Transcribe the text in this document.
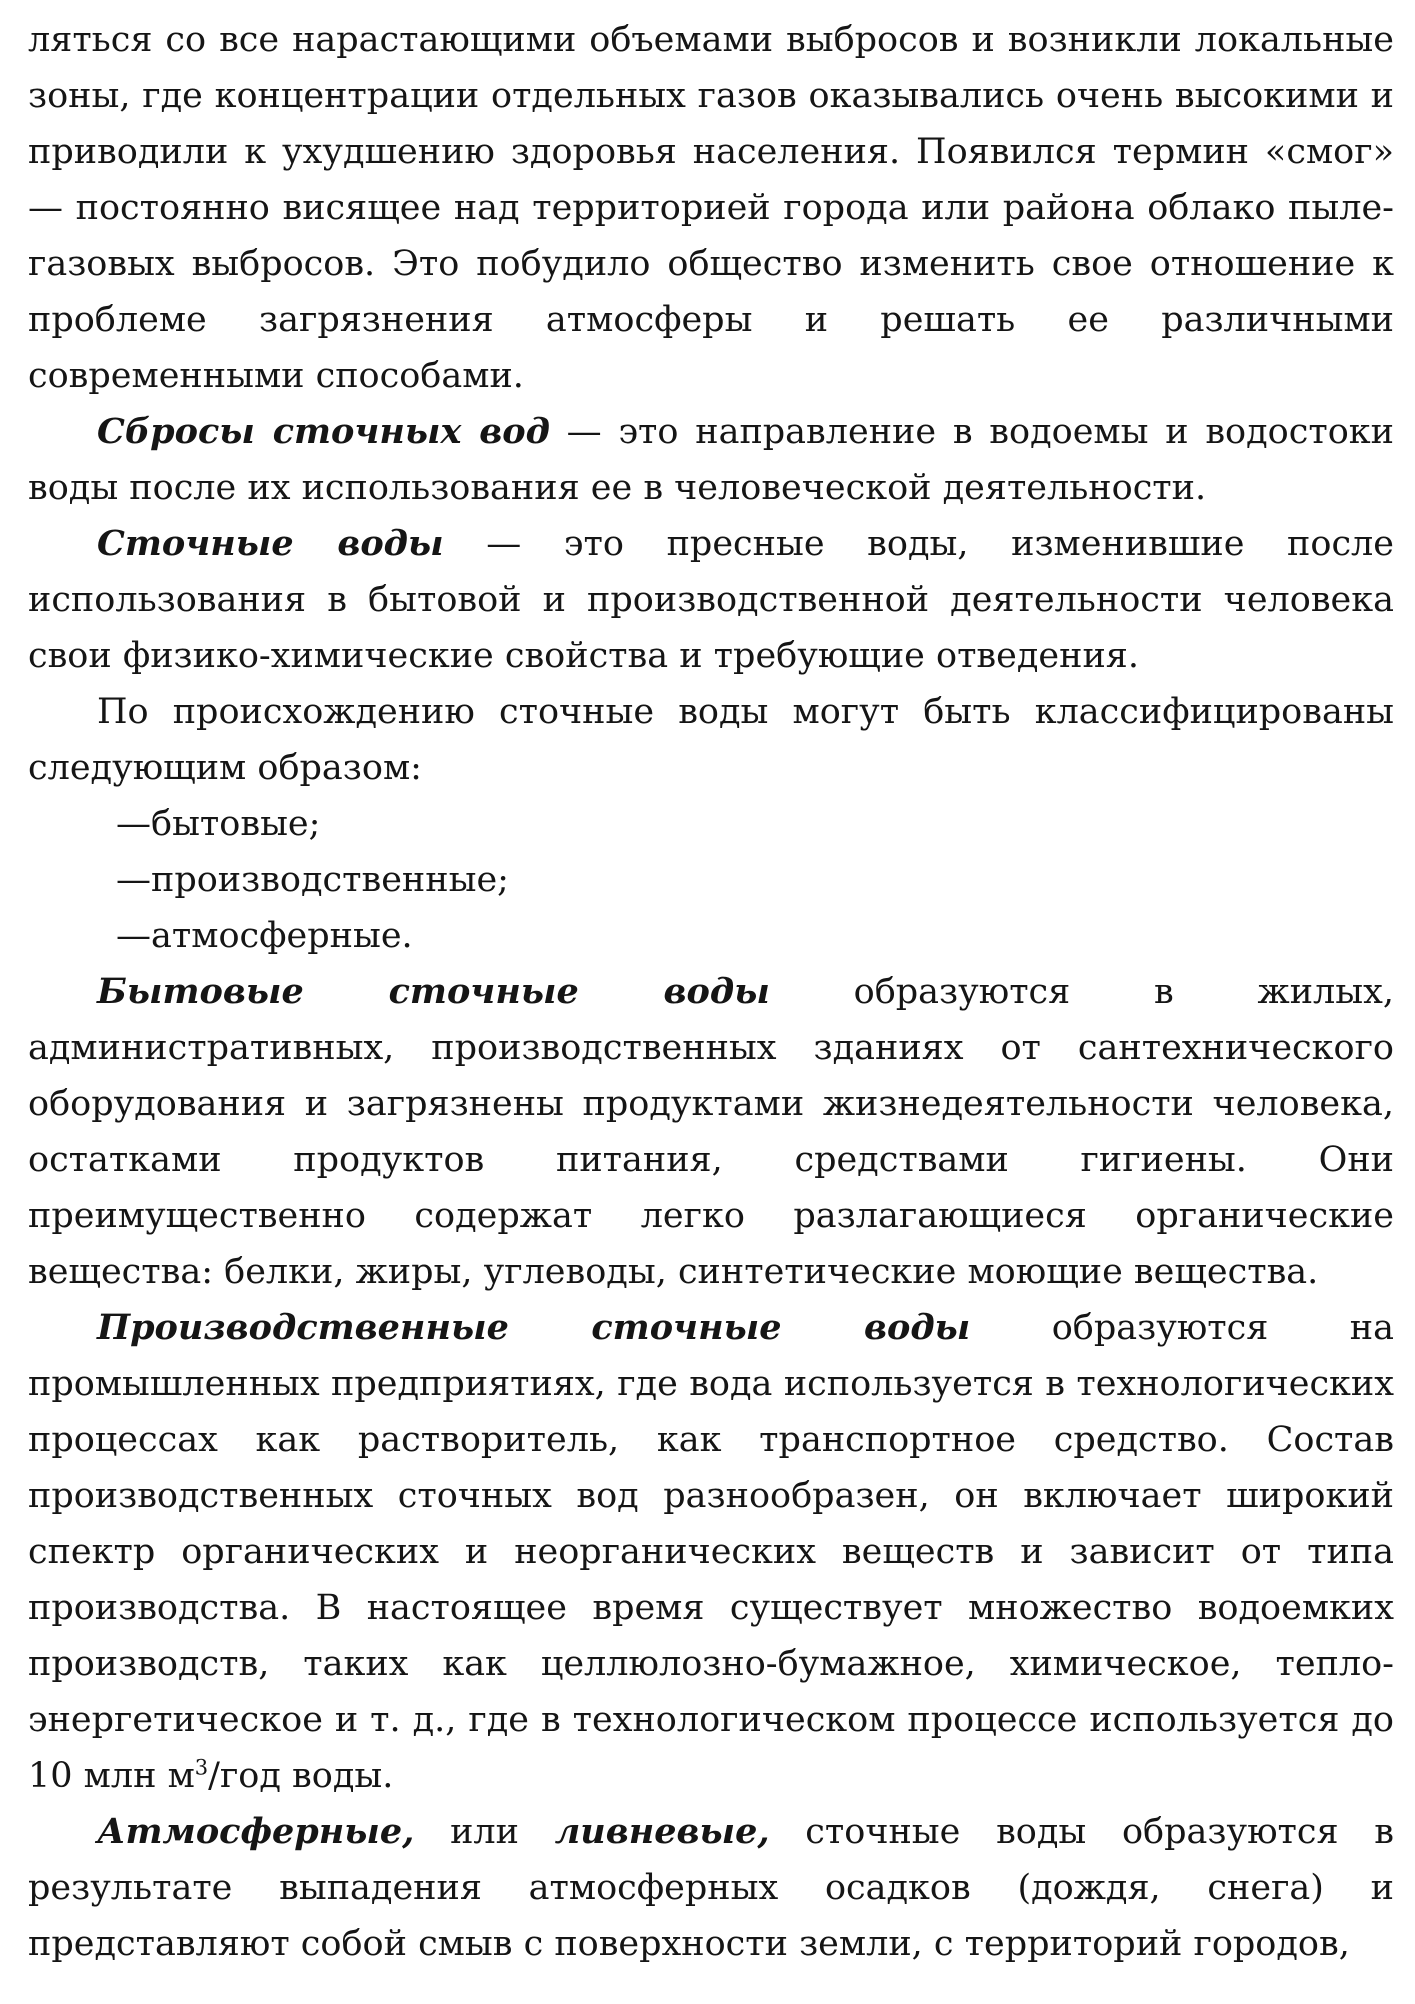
ляться со все нарастающими объемами выбросов и возникли локальные зоны, где концентрации отдельных газов оказывались очень высокими и приводили к ухудшению здоровья населения. Появился термин «смог» — постоянно висящее над территорией города или района облако пыле-газовых выбросов. Это побудило общество изменить свое отношение к проблеме загрязнения атмосферы и решать ее различными современными способами.

Сбросы сточных вод — это направление в водоемы и водостоки воды после их использования ее в человеческой деятельности.

Сточные воды — это пресные воды, изменившие после использования в бытовой и производственной деятельности человека свои физико-химические свойства и требующие отведения.

По происхождению сточные воды могут быть классифицированы следующим образом:

—бытовые;
—производственные;
—атмосферные.

Бытовые сточные воды образуются в жилых, административных, производственных зданиях от сантехнического оборудования и загрязнены продуктами жизнедеятельности человека, остатками продуктов питания, средствами гигиены. Они преимущественно содержат легко разлагающиеся органические вещества: белки, жиры, углеводы, синтетические моющие вещества.

Производственные сточные воды образуются на промышленных предприятиях, где вода используется в технологических процессах как растворитель, как транспортное средство. Состав производственных сточных вод разнообразен, он включает широкий спектр органических и неорганических веществ и зависит от типа производства. В настоящее время существует множество водоемких производств, таких как целлюлозно-бумажное, химическое, тепло-энергетическое и т. д., где в технологическом процессе используется до 10 млн $м^3$/год воды.

Атмосферные, или ливневые, сточные воды образуются в результате выпадения атмосферных осадков (дождя, снега) и представляют собой смыв с поверхности земли, с территорий городов,
